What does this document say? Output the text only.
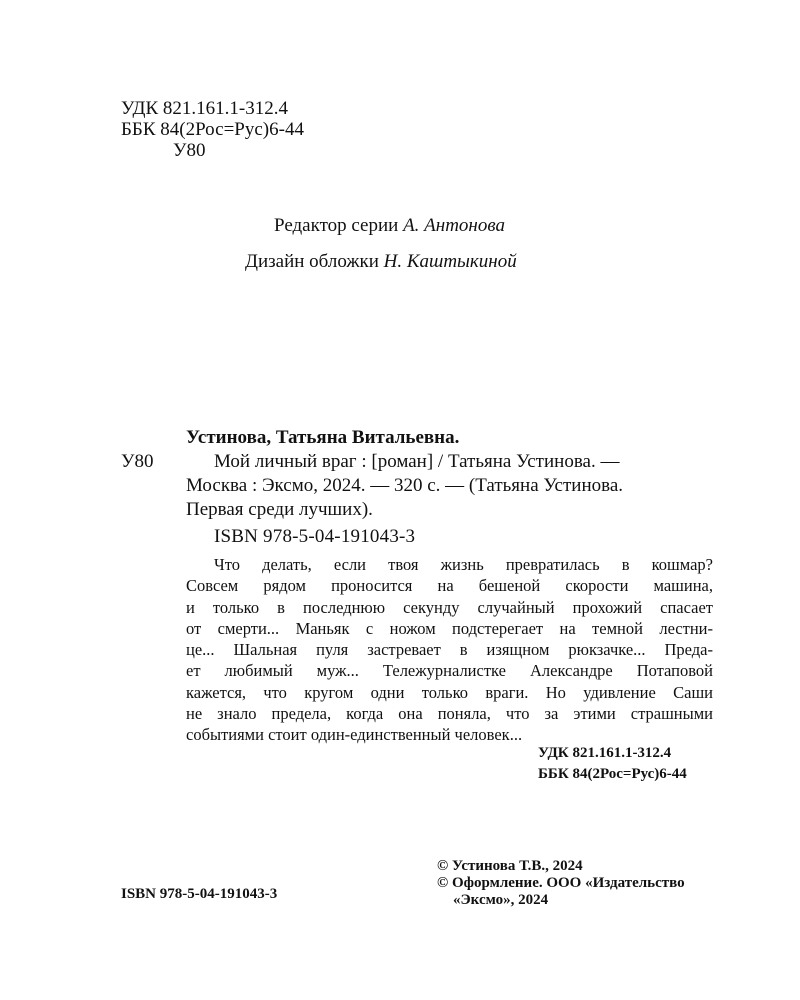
УДК 821.161.1-312.4
ББК 84(2Рос=Рус)6-44
У80
Редактор серии А. Антонова
Дизайн обложки Н. Каштыкиной
Устинова, Татьяна Витальевна.
У80	Мой личный враг : [роман] / Татьяна Устинова. —
Москва : Эксмо, 2024. — 320 с. — (Татьяна Устинова.
Первая среди лучших).
ISBN 978-5-04-191043-3
Что делать, если твоя жизнь превратилась в кошмар?
Совсем рядом проносится на бешеной скорости машина,
и только в последнюю секунду случайный прохожий спасает
от смерти... Маньяк с ножом подстерегает на темной лестни-
це... Шальная пуля застревает в изящном рюкзачке... Преда-
ет любимый муж... Тележурналистке Александре Потаповой
кажется, что кругом одни только враги. Но удивление Саши
не знало предела, когда она поняла, что за этими страшными
событиями стоит один-единственный человек...
УДК 821.161.1-312.4
ББК 84(2Рос=Рус)6-44
© Устинова Т.В., 2024
© Оформление. ООО «Издательство
«Эксмо», 2024
ISBN 978-5-04-191043-3
